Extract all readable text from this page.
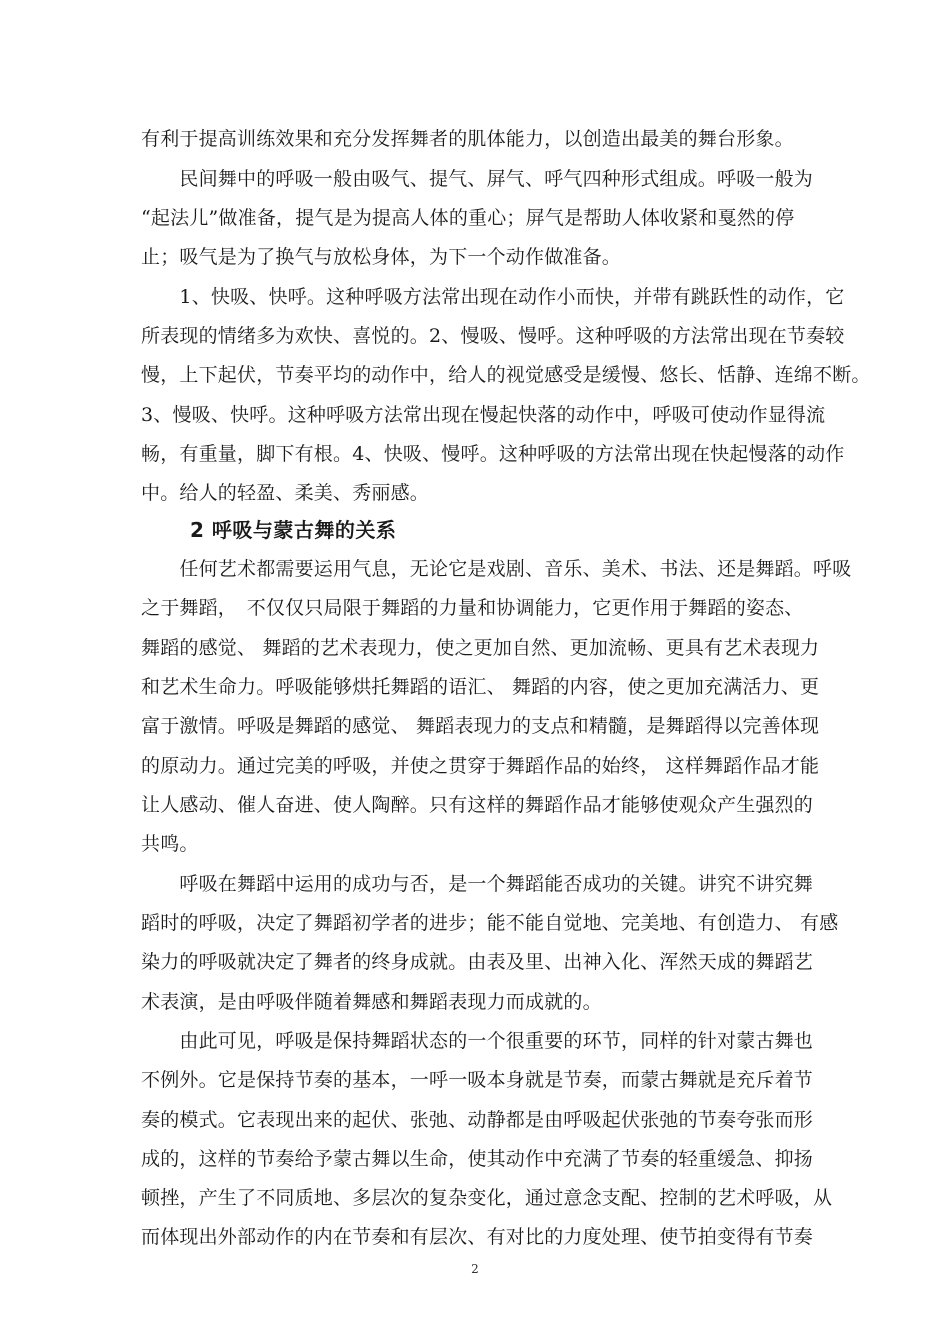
有利于提高训练效果和充分发挥舞者的肌体能力，以创造出最美的舞台形象。
　　民间舞中的呼吸一般由吸气、提气、屏气、呼气四种形式组成。呼吸一般为
“起法儿”做准备，提气是为提高人体的重心；屏气是帮助人体收紧和戛然的停
止；吸气是为了换气与放松身体，为下一个动作做准备。
　　1、快吸、快呼。这种呼吸方法常出现在动作小而快，并带有跳跃性的动作，它
所表现的情绪多为欢快、喜悦的。2、慢吸、慢呼。这种呼吸的方法常出现在节奏较
慢，上下起伏，节奏平均的动作中，给人的视觉感受是缓慢、悠长、恬静、连绵不断。
3、慢吸、快呼。这种呼吸方法常出现在慢起快落的动作中，呼吸可使动作显得流
畅，有重量，脚下有根。4、快吸、慢呼。这种呼吸的方法常出现在快起慢落的动作
中。给人的轻盈、柔美、秀丽感。
2 呼吸与蒙古舞的关系
　　任何艺术都需要运用气息，无论它是戏剧、音乐、美术、书法、还是舞蹈。呼吸
之于舞蹈，　不仅仅只局限于舞蹈的力量和协调能力，它更作用于舞蹈的姿态、
舞蹈的感觉、 舞蹈的艺术表现力，使之更加自然、更加流畅、更具有艺术表现力
和艺术生命力。呼吸能够烘托舞蹈的语汇、 舞蹈的内容，使之更加充满活力、更
富于激情。呼吸是舞蹈的感觉、 舞蹈表现力的支点和精髓，是舞蹈得以完善体现
的原动力。通过完美的呼吸，并使之贯穿于舞蹈作品的始终， 这样舞蹈作品才能
让人感动、催人奋进、使人陶醉。只有这样的舞蹈作品才能够使观众产生强烈的
共鸣。
　　呼吸在舞蹈中运用的成功与否，是一个舞蹈能否成功的关键。讲究不讲究舞
蹈时的呼吸，决定了舞蹈初学者的进步；能不能自觉地、完美地、有创造力、 有感
染力的呼吸就决定了舞者的终身成就。由表及里、出神入化、浑然天成的舞蹈艺
术表演，是由呼吸伴随着舞感和舞蹈表现力而成就的。
　　由此可见，呼吸是保持舞蹈状态的一个很重要的环节，同样的针对蒙古舞也
不例外。它是保持节奏的基本，一呼一吸本身就是节奏，而蒙古舞就是充斥着节
奏的模式。它表现出来的起伏、张弛、动静都是由呼吸起伏张弛的节奏夸张而形
成的，这样的节奏给予蒙古舞以生命，使其动作中充满了节奏的轻重缓急、抑扬
顿挫，产生了不同质地、多层次的复杂变化，通过意念支配、控制的艺术呼吸，从
2
而体现出外部动作的内在节奏和有层次、有对比的力度处理、使节拍变得有节奏
